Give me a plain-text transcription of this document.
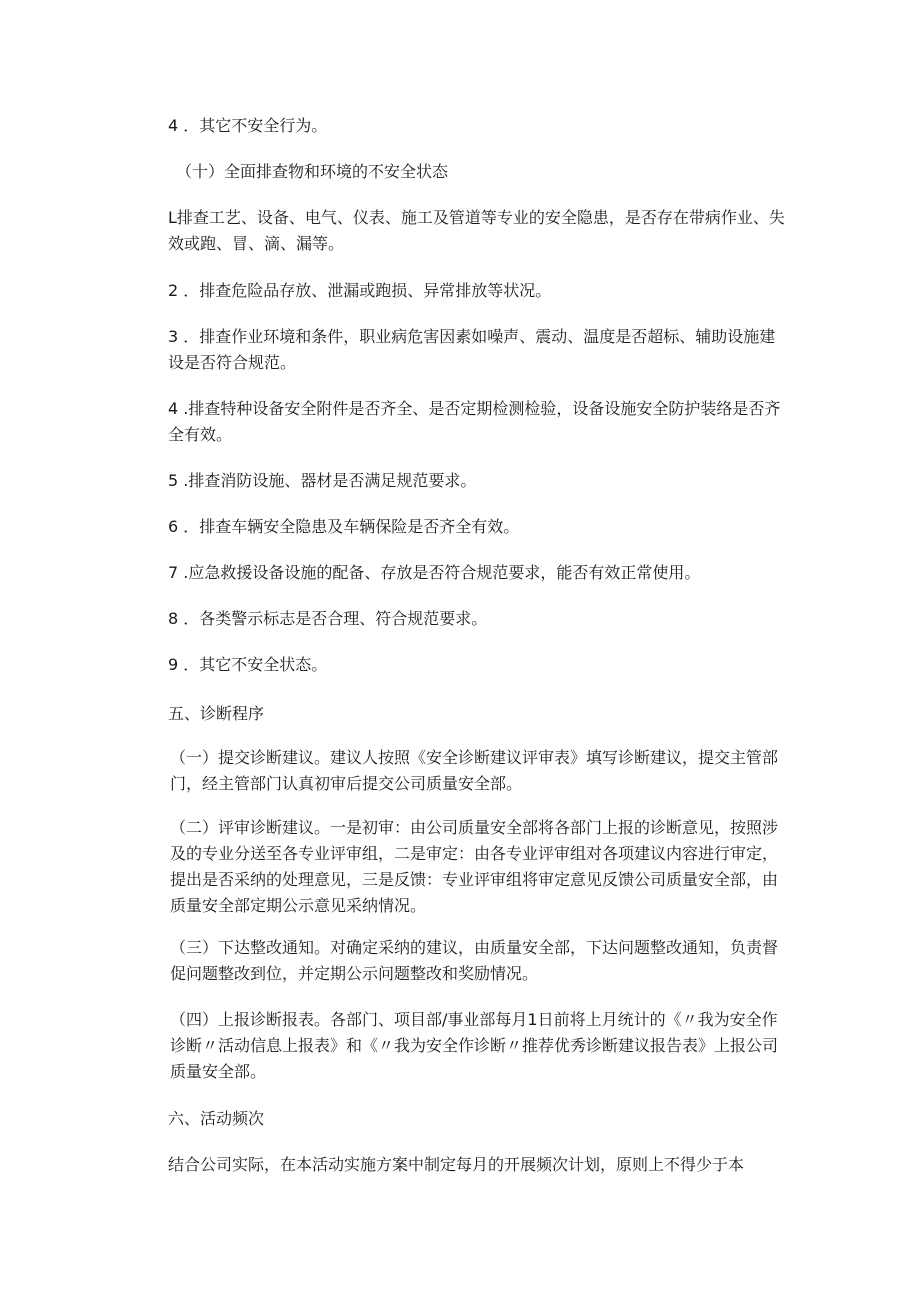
4 ．其它不安全行为。
（十）全面排查物和环境的不安全状态
L排查工艺、设备、电气、仪表、施工及管道等专业的安全隐患，是否存在带病作业、失效或跑、冒、滴、漏等。
2 ．排查危险品存放、泄漏或跑损、异常排放等状况。
3 ．排查作业环境和条件，职业病危害因素如噪声、震动、温度是否超标、辅助设施建设是否符合规范。
4 .排查特种设备安全附件是否齐全、是否定期检测检验，设备设施安全防护装络是否齐全有效。
5 .排查消防设施、器材是否满足规范要求。
6 ．排查车辆安全隐患及车辆保险是否齐全有效。
7 .应急救援设备设施的配备、存放是否符合规范要求，能否有效正常使用。
8 ．各类警示标志是否合理、符合规范要求。
9 ．其它不安全状态。
五、诊断程序
（一）提交诊断建议。建议人按照《安全诊断建议评审表》填写诊断建议，提交主管部门，经主管部门认真初审后提交公司质量安全部。
（二）评审诊断建议。一是初审：由公司质量安全部将各部门上报的诊断意见，按照涉及的专业分送至各专业评审组，二是审定：由各专业评审组对各项建议内容进行审定，提出是否采纳的处理意见，三是反馈：专业评审组将审定意见反馈公司质量安全部，由质量安全部定期公示意见采纳情况。
（三）下达整改通知。对确定采纳的建议，由质量安全部，下达问题整改通知，负责督促问题整改到位，并定期公示问题整改和奖励情况。
（四）上报诊断报表。各部门、项目部/事业部每月1日前将上月统计的《〃我为安全作诊断〃活动信息上报表》和《〃我为安全作诊断〃推荐优秀诊断建议报告表》上报公司质量安全部。
六、活动频次
结合公司实际，在本活动实施方案中制定每月的开展频次计划，原则上不得少于本
